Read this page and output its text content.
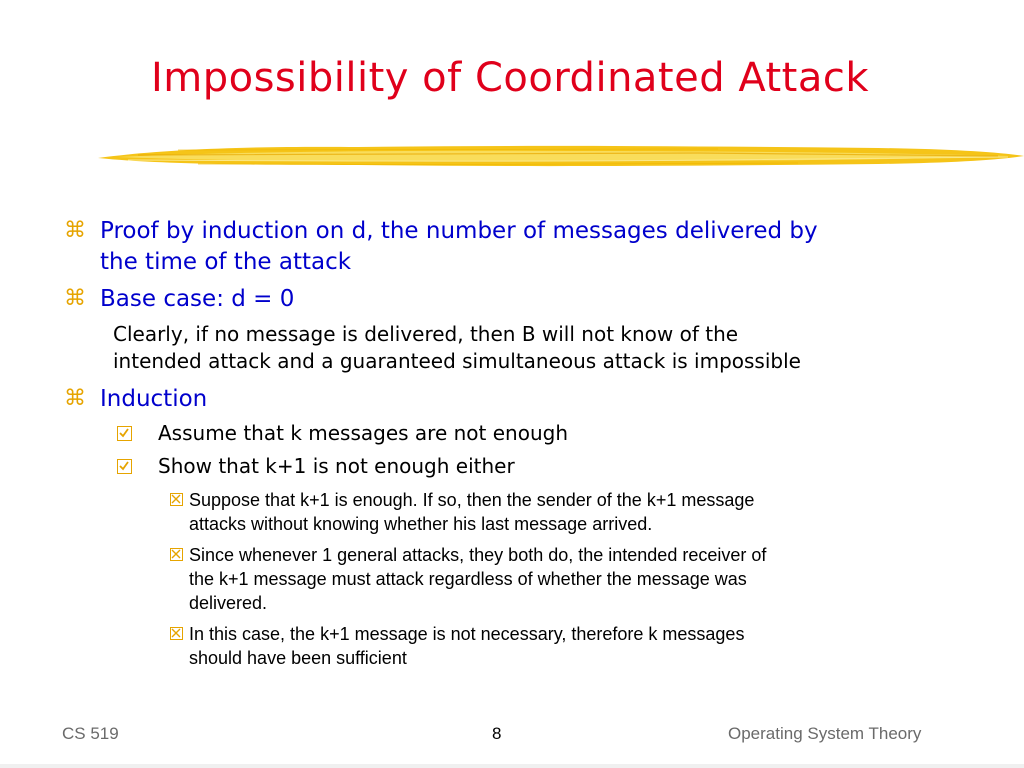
Impossibility of Coordinated Attack
⌘ Proof by induction on d, the number of messages delivered by
the time of the attack
⌘ Base case: d = 0
Clearly, if no message is delivered, then B will not know of the
intended attack and a guaranteed simultaneous attack is impossible
⌘ Induction
Assume that k messages are not enough
Show that k+1 is not enough either
Suppose that k+1 is enough. If so, then the sender of the k+1 message
attacks without knowing whether his last message arrived.
Since whenever 1 general attacks, they both do, the intended receiver of
the k+1 message must attack regardless of whether the message was
delivered.
In this case, the k+1 message is not necessary, therefore k messages
should have been sufficient
CS 519	8	Operating System Theory
